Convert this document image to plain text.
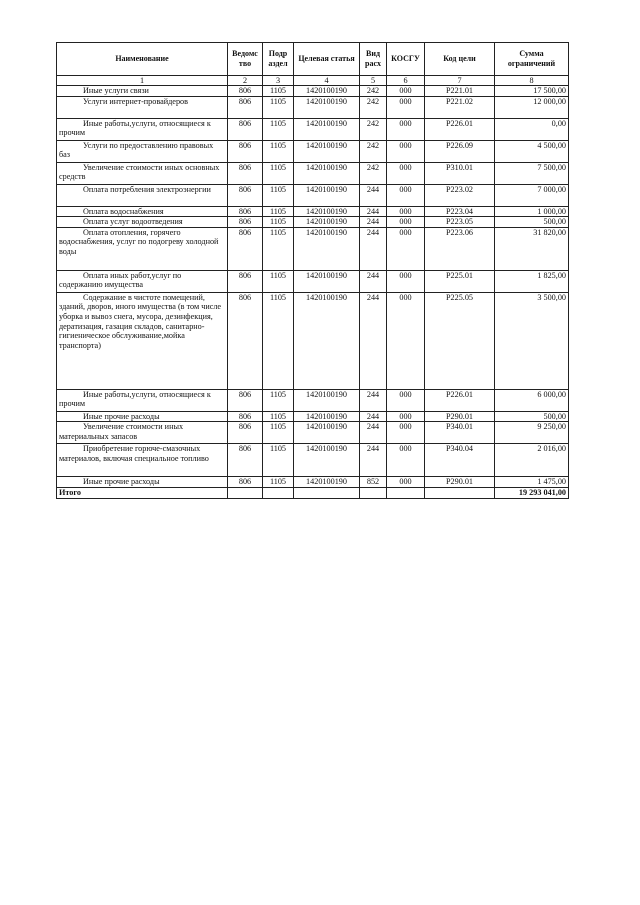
Наименование	Ведомс тво	Подр аздел	Целевая статья	Вид расх	КОСГУ	Код цели	Сумма ограничений
1	2	3	4	5	6	7	8

Иные услуги связи	806	1105	1420100190	242	000	P221.01	17 500,00

Услуги интернет-провайдеров	806	1105	1420100190	242	000	P221.02	12 000,00

Иные работы,услуги, относящиеся к прочим	806	1105	1420100190	242	000	P226.01	0,00

Услуги по предоставлению правовых баз	806	1105	1420100190	242	000	P226.09	4 500,00

Увеличение стоимости иных основных средств	806	1105	1420100190	242	000	P310.01	7 500,00

Оплата потребления электроэнергии	806	1105	1420100190	244	000	P223.02	7 000,00

Оплата водоснабжения	806	1105	1420100190	244	000	P223.04	1 000,00

Оплата услуг водоотведения	806	1105	1420100190	244	000	P223.05	500,00

Оплата отопления, горячего водоснабжения, услуг по подогреву холодной воды	806	1105	1420100190	244	000	P223.06	31 820,00

Оплата иных работ,услуг по содержанию имущества	806	1105	1420100190	244	000	P225.01	1 825,00

Содержание в чистоте помещений, зданий, дворов, иного имущества (в том числе уборка и вывоз снега, мусора, дезинфекция, дератизация, газация складов, санитарно-гигиеническое обслуживание,мойка транспорта)	806	1105	1420100190	244	000	P225.05	3 500,00

Иные работы,услуги, относящиеся к прочим	806	1105	1420100190	244	000	P226.01	6 000,00

Иные прочие расходы	806	1105	1420100190	244	000	P290.01	500,00

Увеличение стоимости иных материальных запасов	806	1105	1420100190	244	000	P340.01	9 250,00

Приобретение горюче-смазочных материалов, включая специальное топливо	806	1105	1420100190	244	000	P340.04	2 016,00

Иные прочие расходы	806	1105	1420100190	852	000	P290.01	1 475,00
Итого							19 293 041,00
